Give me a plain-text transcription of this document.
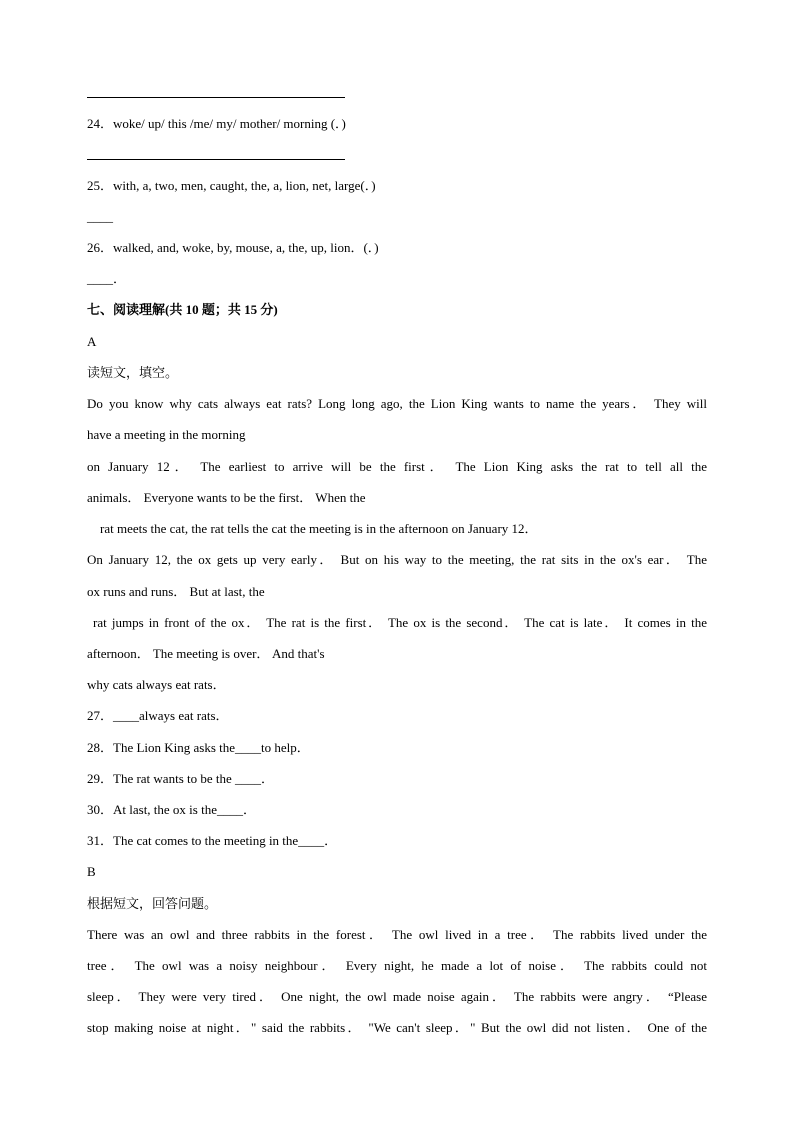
24．woke/ up/ this /me/ my/ mother/ morning (．)
25．with, a, two, men, caught, the, a, lion, net, large(．)
____
26．walked, and, woke, by, mouse, a, the, up, lion．(．)
____．
七、阅读理解(共 10 题；共 15 分)
A
读短文，填空。
Do you know why cats always eat rats? Long long ago, the Lion King wants to name the years． They will
have a meeting in the morning
on January 12． The earliest to arrive will be the first． The Lion King asks the rat to tell all the
animals． Everyone wants to be the first． When the
rat meets the cat, the rat tells the cat the meeting is in the afternoon on January 12．
On January 12, the ox gets up very early． But on his way to the meeting, the rat sits in the ox's ear． The
ox runs and runs． But at last, the
rat jumps in front of the ox． The rat is the first． The ox is the second． The cat is late． It comes in the
afternoon． The meeting is over． And that's
why cats always eat rats．
27．____always eat rats．
28．The Lion King asks the____to help．
29．The rat wants to be the ____．
30．At last, the ox is the____．
31．The cat comes to the meeting in the____．
B
根据短文，回答问题。
There was an owl and three rabbits in the forest． The owl lived in a tree． The rabbits lived under the
tree． The owl was a noisy neighbour． Every night, he made a lot of noise． The rabbits could not
sleep． They were very tired． One night, the owl made noise again． The rabbits were angry． “Please
stop making noise at night．" said the rabbits． "We can't sleep．" But the owl did not listen． One of the
